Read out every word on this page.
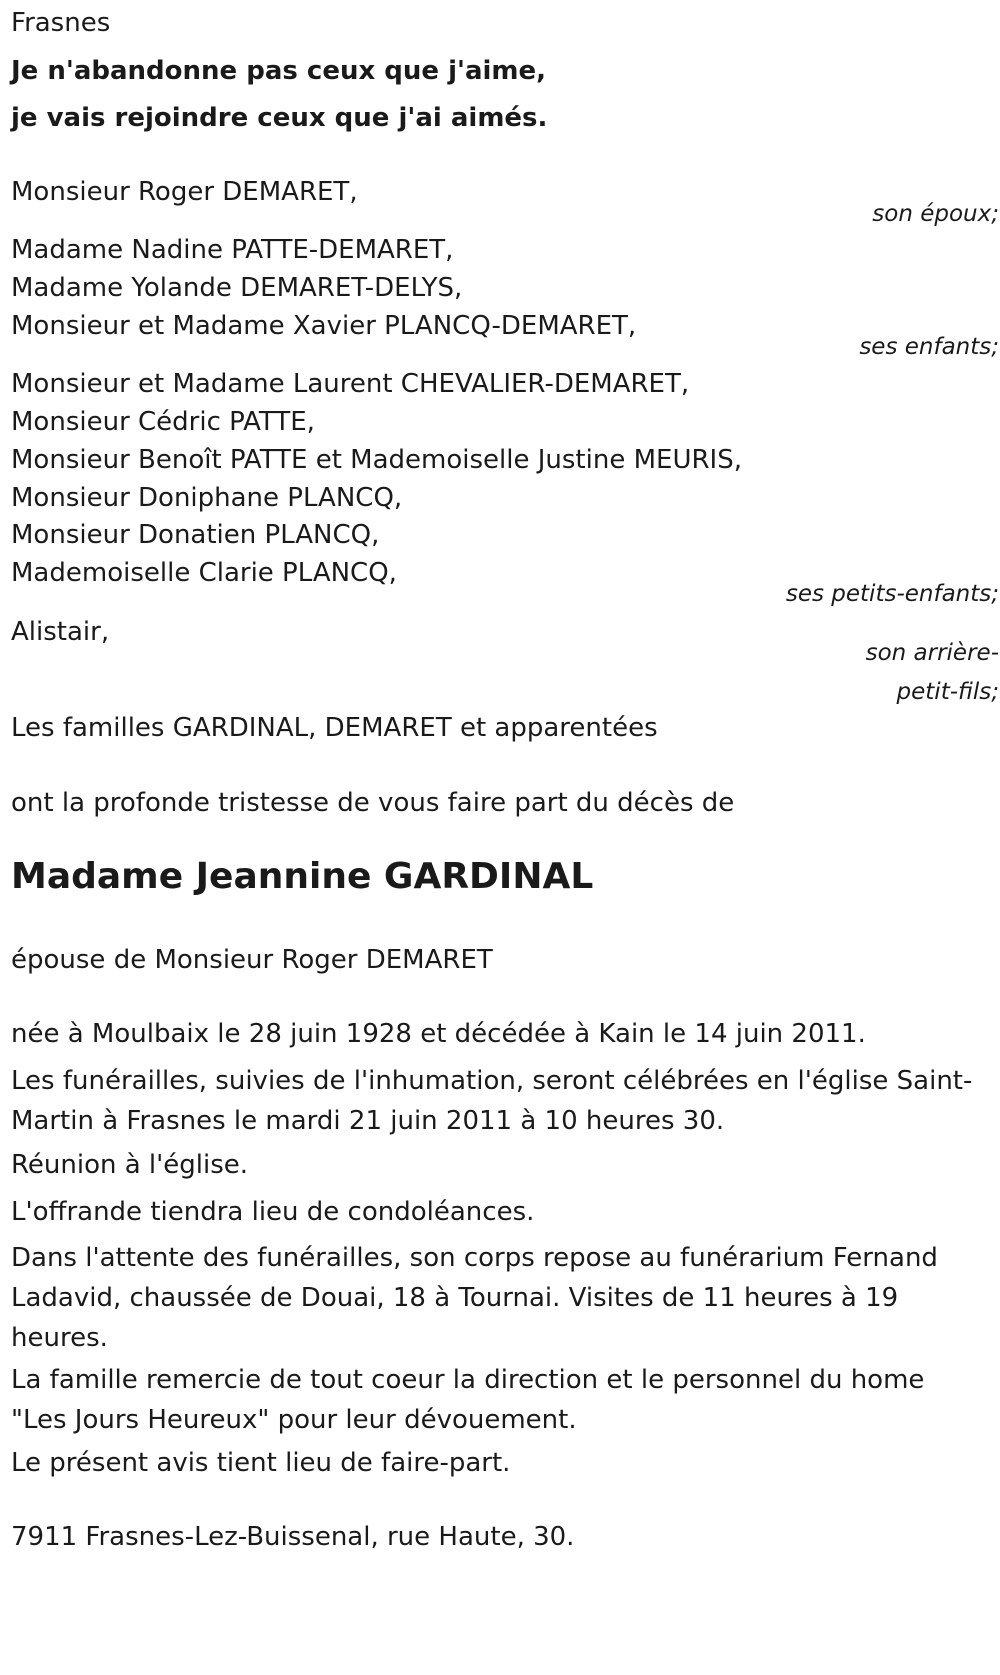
Frasnes
Je n'abandonne pas ceux que j'aime,
je vais rejoindre ceux que j'ai aimés.
Monsieur Roger DEMARET,
son époux;
Madame Nadine PATTE-DEMARET,
Madame Yolande DEMARET-DELYS,
Monsieur et Madame Xavier PLANCQ-DEMARET,
ses enfants;
Monsieur et Madame Laurent CHEVALIER-DEMARET,
Monsieur Cédric PATTE,
Monsieur Benoît PATTE et Mademoiselle Justine MEURIS,
Monsieur Doniphane PLANCQ,
Monsieur Donatien PLANCQ,
Mademoiselle Clarie PLANCQ,
ses petits-enfants;
Alistair,
son arrière-
petit-fils;
Les familles GARDINAL, DEMARET et apparentées
ont la profonde tristesse de vous faire part du décès de
Madame Jeannine GARDINAL
épouse de Monsieur Roger DEMARET
née à Moulbaix le 28 juin 1928 et décédée à Kain le 14 juin 2011.
Les funérailles, suivies de l'inhumation, seront célébrées en l'église Saint-Martin à Frasnes le mardi 21 juin 2011 à 10 heures 30.
Réunion à l'église.
L'offrande tiendra lieu de condoléances.
Dans l'attente des funérailles, son corps repose au funérarium Fernand Ladavid, chaussée de Douai, 18 à Tournai. Visites de 11 heures à 19 heures.
La famille remercie de tout coeur la direction et le personnel du home "Les Jours Heureux" pour leur dévouement.
Le présent avis tient lieu de faire-part.
7911 Frasnes-Lez-Buissenal, rue Haute, 30.
